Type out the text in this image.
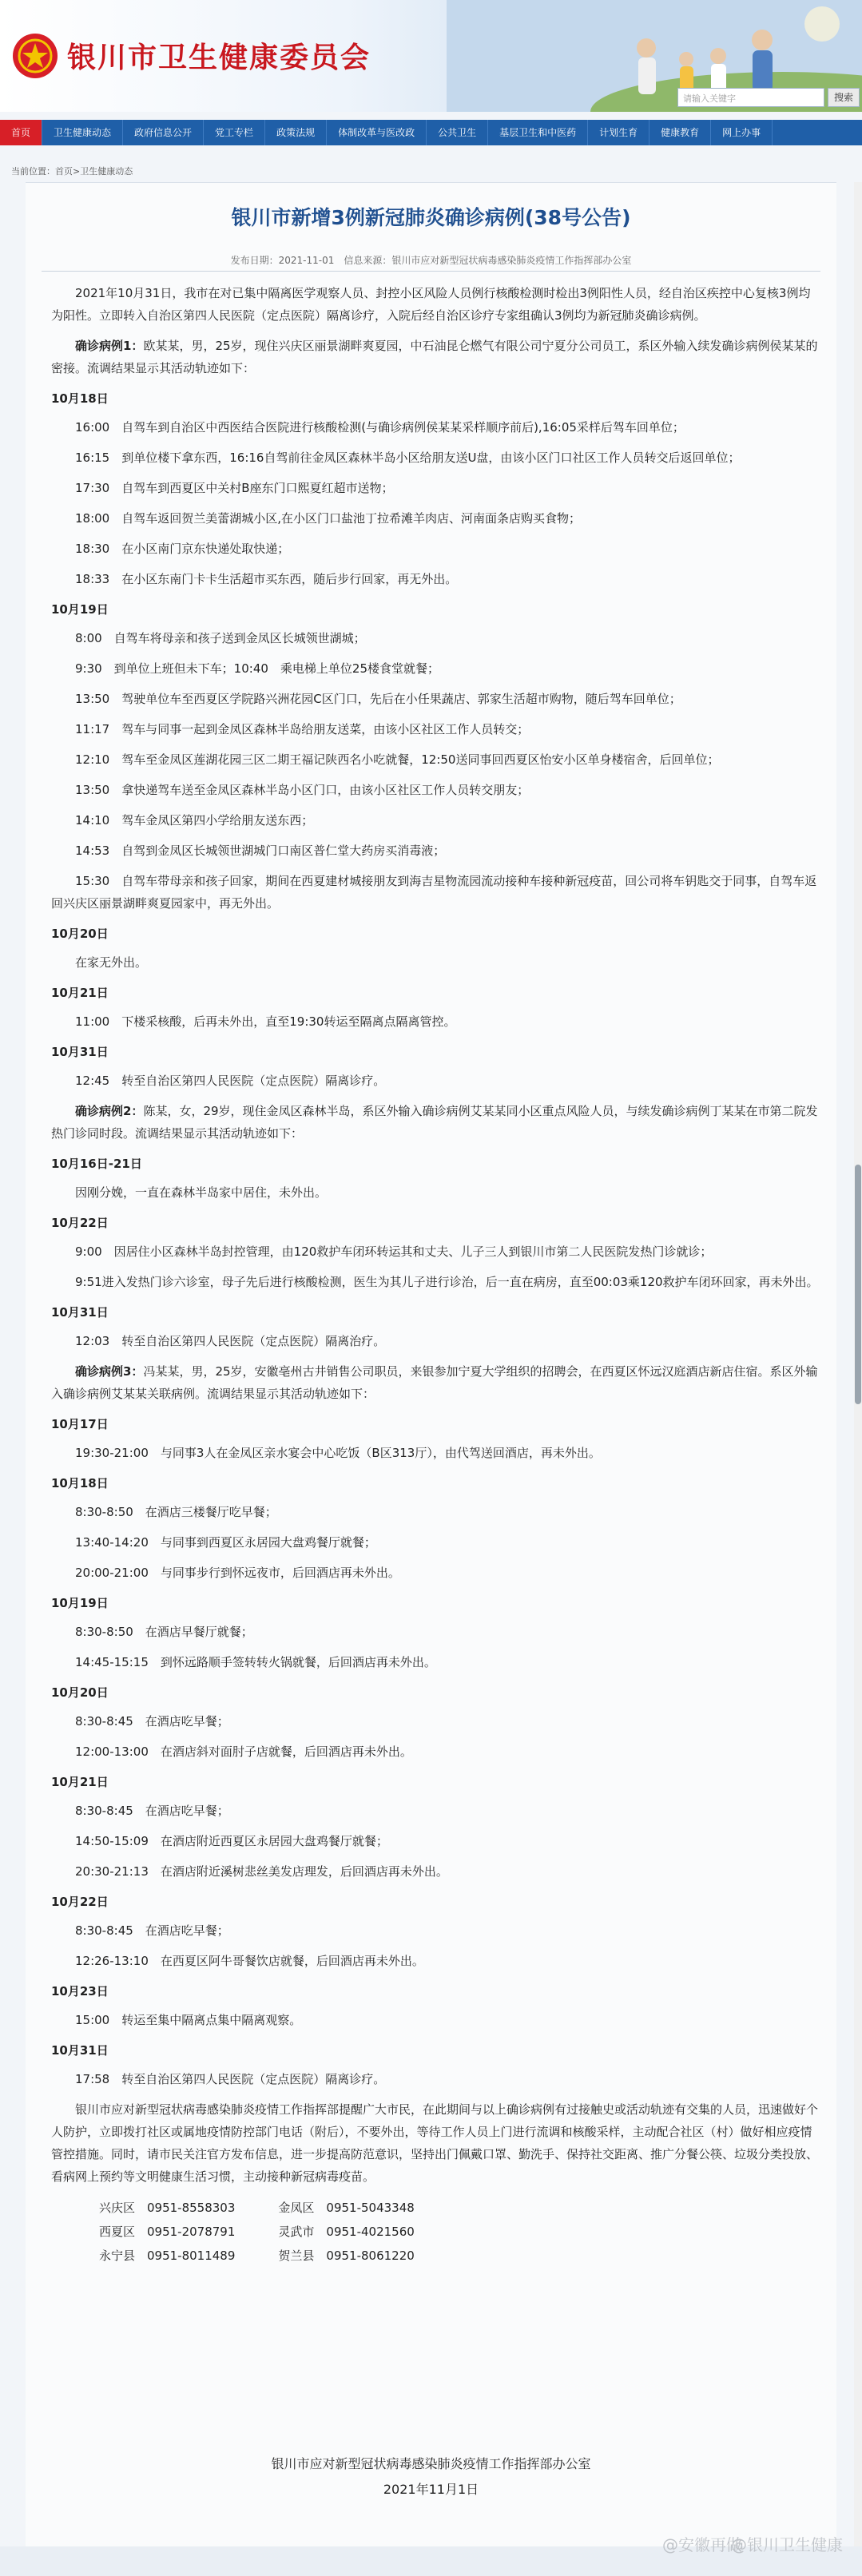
银川市卫生健康委员会
请输入关键字	搜索
首页	卫生健康动态	政府信息公开	党工专栏	政策法规	体制改革与医改政	公共卫生	基层卫生和中医药	计划生育	健康教育	网上办事
当前位置：首页>卫生健康动态
银川市新增3例新冠肺炎确诊病例(38号公告)
发布日期：2021-11-01　信息来源：银川市应对新型冠状病毒感染肺炎疫情工作指挥部办公室

2021年10月31日，我市在对已集中隔离医学观察人员、封控小区风险人员例行核酸检测时检出3例阳性人员，经自治区疾控中心复核3例均为阳性。立即转入自治区第四人民医院（定点医院）隔离诊疗，入院后经自治区诊疗专家组确认3例均为新冠肺炎确诊病例。

确诊病例1：欧某某，男，25岁，现住兴庆区丽景湖畔爽夏园，中石油昆仑燃气有限公司宁夏分公司员工，系区外输入续发确诊病例侯某某的密接。流调结果显示其活动轨迹如下：

10月18日

16:00　自驾车到自治区中西医结合医院进行核酸检测(与确诊病例侯某某采样顺序前后),16:05采样后驾车回单位；

16:15　到单位楼下拿东西，16:16自驾前往金凤区森林半岛小区给朋友送U盘，由该小区门口社区工作人员转交后返回单位；

17:30　自驾车到西夏区中关村B座东门口熙夏红超市送物；

18:00　自驾车返回贺兰美蕾湖城小区,在小区门口盐池丁拉希滩羊肉店、河南面条店购买食物；

18:30　在小区南门京东快递处取快递；

18:33　在小区东南门卡卡生活超市买东西，随后步行回家，再无外出。

10月19日

8:00　自驾车将母亲和孩子送到金凤区长城领世湖城；

9:30　到单位上班但未下车；10:40　乘电梯上单位25楼食堂就餐；

13:50　驾驶单位车至西夏区学院路兴洲花园C区门口，先后在小任果蔬店、郭家生活超市购物，随后驾车回单位；

11:17　驾车与同事一起到金凤区森林半岛给朋友送菜，由该小区社区工作人员转交；

12:10　驾车至金凤区莲湖花园三区二期王福记陕西名小吃就餐，12:50送同事回西夏区怡安小区单身楼宿舍，后回单位；

13:50　拿快递驾车送至金凤区森林半岛小区门口，由该小区社区工作人员转交朋友；

14:10　驾车金凤区第四小学给朋友送东西；

14:53　自驾到金凤区长城领世湖城门口南区普仁堂大药房买消毒液；

15:30　自驾车带母亲和孩子回家，期间在西夏建材城接朋友到海吉星物流园流动接种车接种新冠疫苗，回公司将车钥匙交于同事，自驾车返回兴庆区丽景湖畔爽夏园家中，再无外出。

10月20日

在家无外出。

10月21日

11:00　下楼采核酸，后再未外出，直至19:30转运至隔离点隔离管控。

10月31日

12:45　转至自治区第四人民医院（定点医院）隔离诊疗。

确诊病例2：陈某，女，29岁，现住金凤区森林半岛，系区外输入确诊病例艾某某同小区重点风险人员，与续发确诊病例丁某某在市第二院发热门诊同时段。流调结果显示其活动轨迹如下：

10月16日-21日

因刚分娩，一直在森林半岛家中居住，未外出。

10月22日

9:00　因居住小区森林半岛封控管理，由120救护车闭环转运其和丈夫、儿子三人到银川市第二人民医院发热门诊就诊；

9:51进入发热门诊六诊室，母子先后进行核酸检测，医生为其儿子进行诊治，后一直在病房，直至00:03乘120救护车闭环回家，再未外出。

10月31日

12:03　转至自治区第四人民医院（定点医院）隔离治疗。

确诊病例3：冯某某，男，25岁，安徽亳州古井销售公司职员，来银参加宁夏大学组织的招聘会，在西夏区怀远汉庭酒店新店住宿。系区外输入确诊病例艾某某关联病例。流调结果显示其活动轨迹如下：

10月17日

19:30-21:00　与同事3人在金凤区亲水宴会中心吃饭（B区313厅），由代驾送回酒店，再未外出。

10月18日

8:30-8:50　在酒店三楼餐厅吃早餐；

13:40-14:20　与同事到西夏区永居园大盘鸡餐厅就餐；

20:00-21:00　与同事步行到怀远夜市，后回酒店再未外出。

10月19日

8:30-8:50　在酒店早餐厅就餐；

14:45-15:15　到怀远路顺手签转转火锅就餐，后回酒店再未外出。

10月20日

8:30-8:45　在酒店吃早餐；

12:00-13:00　在酒店斜对面肘子店就餐，后回酒店再未外出。

10月21日

8:30-8:45　在酒店吃早餐；

14:50-15:09　在酒店附近西夏区永居园大盘鸡餐厅就餐；

20:30-21:13　在酒店附近溪树悲丝美发店理发，后回酒店再未外出。

10月22日

8:30-8:45　在酒店吃早餐；

12:26-13:10　在西夏区阿牛哥餐饮店就餐，后回酒店再未外出。

10月23日

15:00　转运至集中隔离点集中隔离观察。

10月31日

17:58　转至自治区第四人民医院（定点医院）隔离诊疗。

银川市应对新型冠状病毒感染肺炎疫情工作指挥部提醒广大市民，在此期间与以上确诊病例有过接触史或活动轨迹有交集的人员，迅速做好个人防护，立即拨打社区或属地疫情防控部门电话（附后），不要外出，等待工作人员上门进行流调和核酸采样，主动配合社区（村）做好相应疫情管控措施。同时，请市民关注官方发布信息，进一步提高防范意识，坚持出门佩戴口罩、勤洗手、保持社交距离、推广分餐公筷、垃圾分类投放、看病网上预约等文明健康生活习惯，主动接种新冠病毒疫苗。

兴庆区　0951-8558303	金凤区　0951-5043348
西夏区　0951-2078791	灵武市　0951-4021560
永宁县　0951-8011489	贺兰县　0951-8061220
银川市应对新型冠状病毒感染肺炎疫情工作指挥部办公室
2021年11月1日
@安徽再做
@银川卫生健康
